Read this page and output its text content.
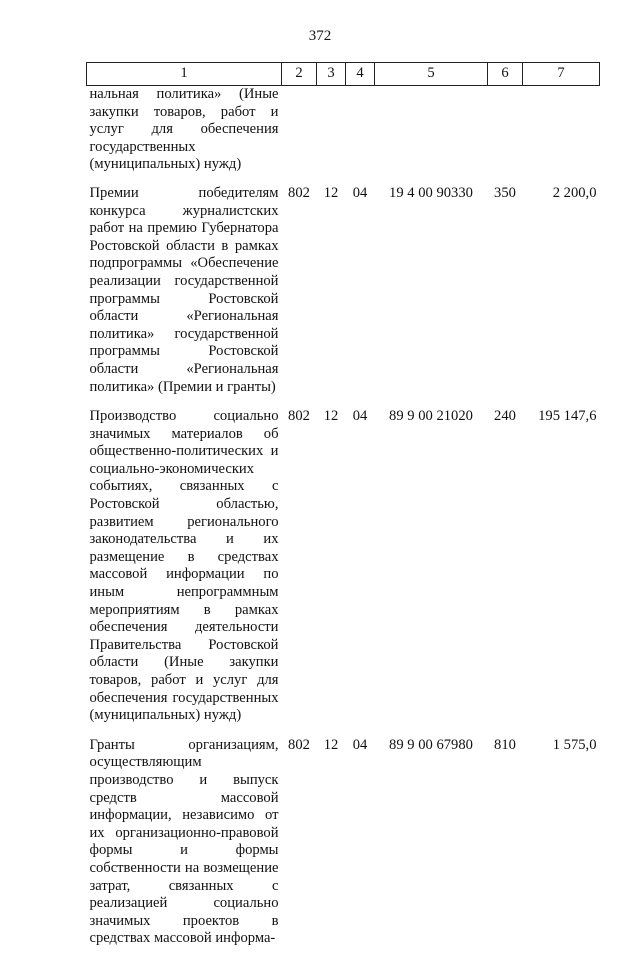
372
1	2	3	4	5	6	7
нальная политика» (Иные закупки товаров, работ и услуг для обеспечения государственных (муниципальных) нужд)						
Премии победителям конкурса журналистских работ на премию Губернатора Ростовской области в рамках подпрограммы «Обеспечение реализации государственной программы Ростовской области «Региональная политика» государственной программы Ростовской области «Региональная политика» (Премии и гранты)	802	12	04	19 4 00 90330	350	2 200,0
Производство социально значимых материалов об общественно-политических и социально-экономических событиях, связанных с Ростовской областью, развитием регионального законодательства и их размещение в средствах массовой информации по иным непрограммным мероприятиям в рамках обеспечения деятельности Правительства Ростовской области (Иные закупки товаров, работ и услуг для обеспечения государственных (муниципальных) нужд)	802	12	04	89 9 00 21020	240	195 147,6
Гранты организациям, осуществляющим производство и выпуск средств массовой информации, независимо от их организационно-правовой формы и формы собственности на возмещение затрат, связанных с реализацией социально значимых проектов в средствах массовой информа-	802	12	04	89 9 00 67980	810	1 575,0
